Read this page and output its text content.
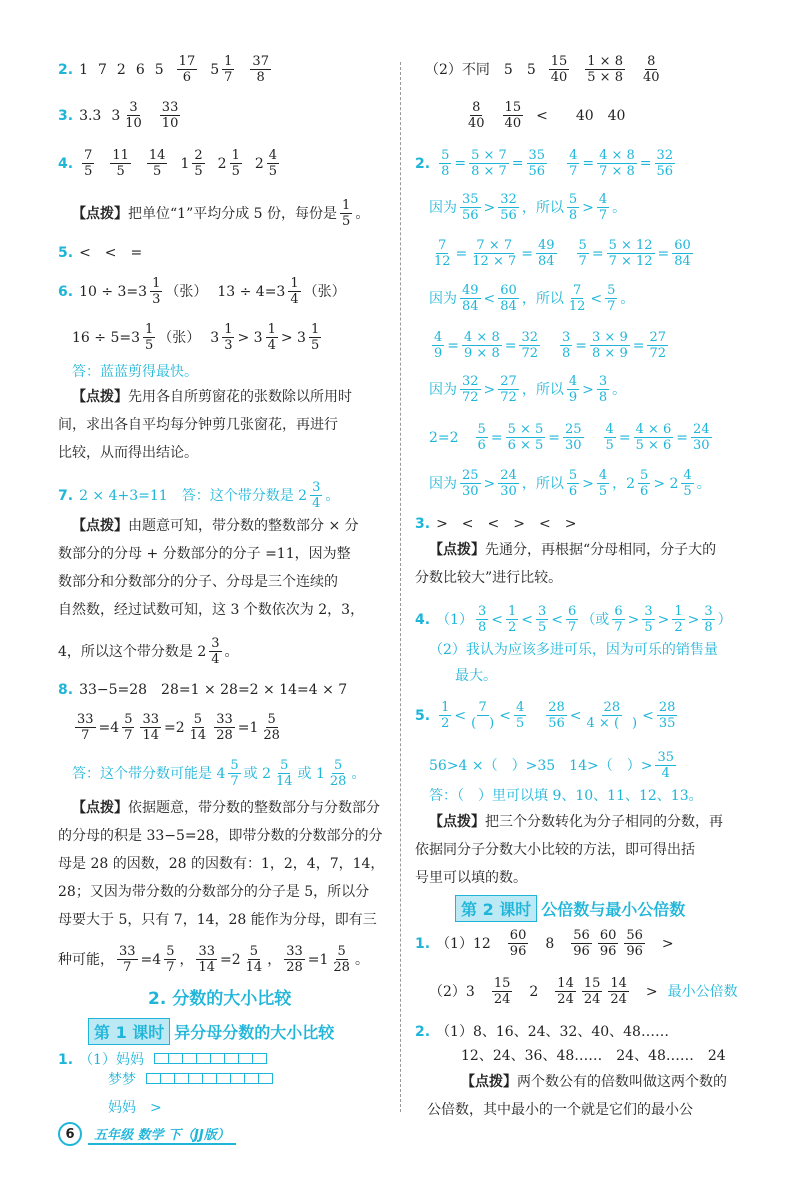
2. 1 7 2 6 5 17
6 5 1
7
37
8
3. 3.3 3 3
10
33
10
4. 7
5
11
5
14
5 1 2
5 2 1
5 2 4
5
【点拨】 把单位“1”平均分成 5 份，每份是 1
5 。
5. <　<　=
6. 10 ÷ 3=3 1
3 （张） 13 ÷ 4=3 1
4 （张）
16 ÷ 5=3 1
5 （张） 3 1
3 > 3 1
4 > 3 1
5
答：蓝蓝剪得最快。
【点拨】先用各自所剪窗花的张数除以所用时
间，求出各自平均每分钟剪几张窗花，再进行
比较，从而得出结论。
7. 2 × 4+3=11　答：这个带分数是 $2 \frac{3}{4}$ 。
【点拨】由题意可知，带分数的整数部分 × 分
数部分的分母 + 分数部分的分子 =11，因为整
数部分和分数部分的分子、分母是三个连续的
自然数，经过试数可知，这 3 个数依次为 2，3，
4，所以这个带分数是 2 3
4 。
8. 33−5=28　28=1 × 28=2 × 14=4 × 7
$\frac{33}{7} =4$ 5
$7 \frac{33}{14} =2$ 5
$14 \frac{33}{28} =1$ 5
28
答：这个带分数可能是 4 5
7 或 2 5
14 或 1 5
28 。
【点拨】依据题意，带分数的整数部分与分数部分
的分母的积是 33−5=28，即带分数的分数部分的分
母是 28 的因数，28 的因数有：1，2，4，7，14，
28；又因为带分数的分数部分的分子是 5，所以分
母要大于 5，只有 7，14，28 能作为分母，即有三
种可能， $\frac{33}{7} =4$ 5
7 ， $\frac{33}{14} =2$ 5
14 ， $\frac{33}{28} =1$ 5
28 。
2. 分数的大小比较
第 1 课时 异分母分数的大小比较
1. （1） 妈妈
梦梦
妈妈　>
（2）不同　5　5 15
40
1 × 8
5 × 8
8
40
8
40
15
40 <　　40　40
2. $\frac{5}{8} = \frac{5 \times 7}{8 \times 7} = \frac{35}{56}$
　 $\frac{4}{7} = \frac{4 \times 8}{7 \times 8} = \frac{32}{56}$
因为 35
56 > 32
56 ，所以 5
8 > 4
7 。
$\frac{7}{12} = \frac{7 \times 7}{12 \times 7} = \frac{49}{84}$
　 $\frac{5}{7} = \frac{5 \times 12}{7 \times 12} = \frac{60}{84}$
因为 49
84 < 60
84 ，所以 7
12 < 5
7 。
$\frac{4}{9} = \frac{4 \times 8}{9 \times 8} = \frac{32}{72}$
　 $\frac{3}{8} = \frac{3 \times 9}{8 \times 9} = \frac{27}{72}$
因为 32
72 > 27
72 ，所以 4
9 > 3
8 。
2=2　 $\frac{5}{6} = \frac{5 \times 5}{6 \times 5} = \frac{25}{30}$
　 $\frac{4}{5} = \frac{4 \times 6}{5 \times 6} = \frac{24}{30}$
因为 25
30 > 24
30 ，所以 5
6 > 4
5 ，2 5
6 > 2 4
5 。
3. >　<　<　>　<　>
【点拨】先通分，再根据“分母相同，分子大的
分数比较大”进行比较。
4. （1） 3
8 < 1
2 < 3
5 < 6
7 （或 6
7 > 3
5 > 1
2 > 3
8 ）
（2）我认为应该多进可乐，因为可乐的销售量
最大。
5. 1
2 < 7
(　) < 4
5

28
56 < 28
4 × (　) < 28
35
56>4 ×（　）>35　14>（　）> 35
4
答：（　）里可以填 9、10、11、12、13。
【点拨】把三个分数转化为分子相同的分数，再
依据同分子分数大小比较的方法，即可得出括
号里可以填的数。
第 2 课时 公倍数与最小公倍数
1. （1）12　 60
96 　8　 56
96
60
96
56
96 　>
（2）3　 15
24 　2　 14
24
15
24
14
24 　> 最小公倍数
2. （1）8、16、24、32、40、48……
12、24、36、48……　24、48……　24
【点拨】两个数公有的倍数叫做这两个数的
公倍数，其中最小的一个就是它们的最小公
6	五年级 数学 下（JJ版）
